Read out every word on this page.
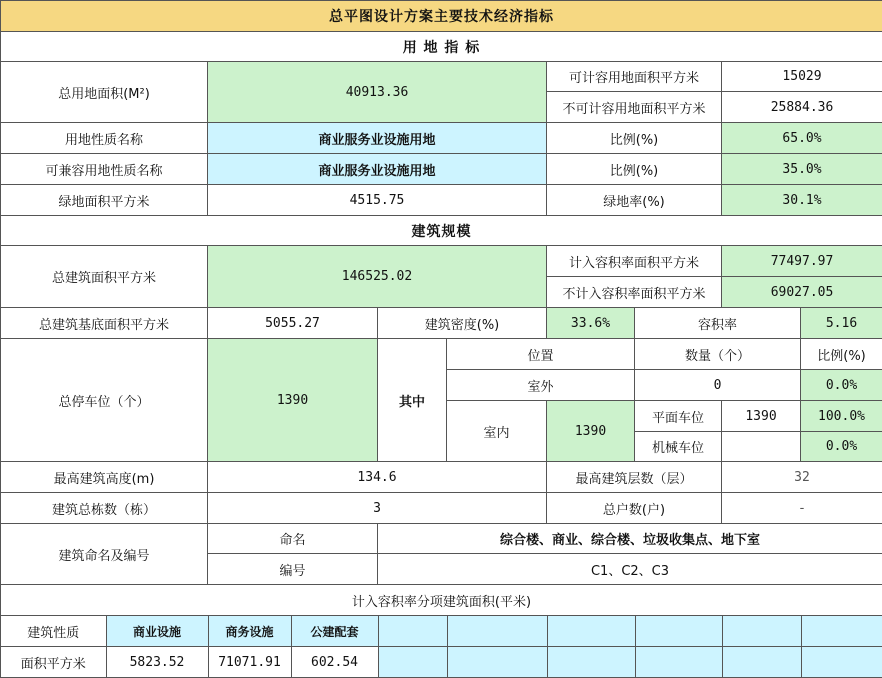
总平图设计方案主要技术经济指标
用 地 指 标
总用地面积(M²)	40913.36	可计容用地面积平方米	15029
不可计容用地面积平方米	25884.36
用地性质名称	商业服务业设施用地	比例(%)	65.0%
可兼容用地性质名称	商业服务业设施用地	比例(%)	35.0%
绿地面积平方米	4515.75	绿地率(%)	30.1%
建筑规模
总建筑面积平方米	146525.02	计入容积率面积平方米	77497.97
不计入容积率面积平方米	69027.05
总建筑基底面积平方米	5055.27	建筑密度(%)	33.6%	容积率	5.16
总停车位（个）	1390	其中	位置	数量（个）	比例(%)
室外	0	0.0%
室内	1390	平面车位	1390	100.0%
机械车位		0.0%
最高建筑高度(m)	134.6	最高建筑层数（层）	32
建筑总栋数（栋）	3	总户数(户)	-
建筑命名及编号	命名	综合楼、商业、综合楼、垃圾收集点、地下室
编号	C1、C2、C3
计入容积率分项建筑面积(平米)

建筑性质	商业设施	商务设施	公建配套						

面积平方米	5823.52	71071.91	602.54						
